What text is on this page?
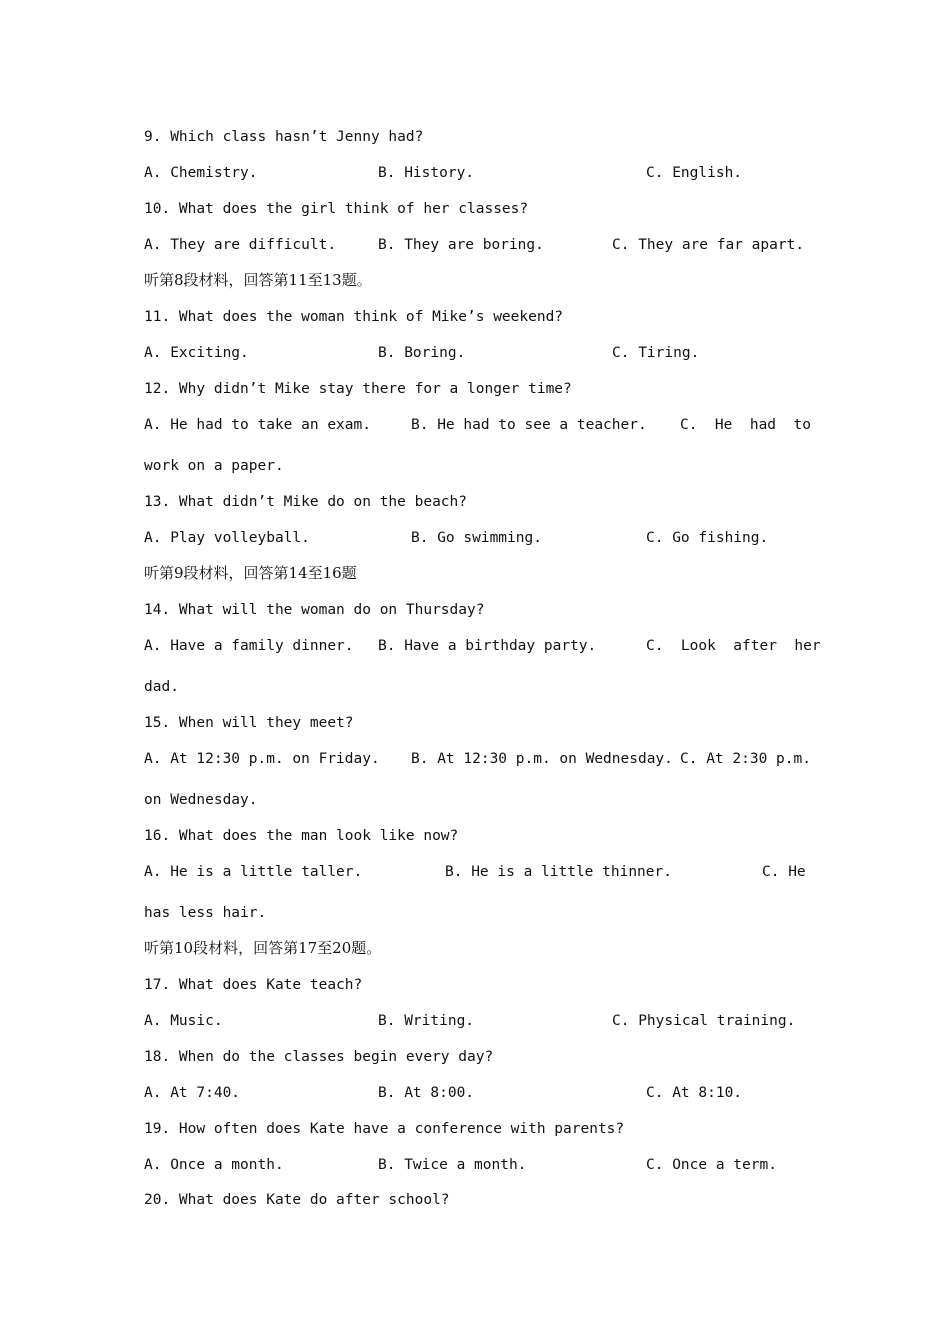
9. Which class hasn’t Jenny had?
A. Chemistry.	B. History.	C. English.
10. What does the girl think of her classes?
A. They are difficult.	B. They are boring.	C. They are far apart.
听第8段材料，回答第11至13题。
11. What does the woman think of Mike’s weekend?
A. Exciting.	B. Boring.	C. Tiring.
12. Why didn’t Mike stay there for a longer time?
A. He had to take an exam.	B. He had to see a teacher. C.  He  had  to
work on a paper.
13. What didn’t Mike do on the beach?
A. Play volleyball.	B. Go swimming.	C. Go fishing.
听第9段材料，回答第14至16题
14. What will the woman do on Thursday?
A. Have a family dinner. B. Have a birthday party.	C.  Look  after  her
dad.
15. When will they meet?
A. At 12:30 p.m. on Friday. B. At 12:30 p.m. on Wednesday. C. At 2:30 p.m.
on Wednesday.
16. What does the man look like now?
A. He is a little taller.	B. He is a little thinner.	C. He
has less hair.
听第10段材料，回答第17至20题。
17. What does Kate teach?
A. Music.	B. Writing.	C. Physical training.
18. When do the classes begin every day?
A. At 7:40.	B. At 8:00.	C. At 8:10.
19. How often does Kate have a conference with parents?
A. Once a month.	B. Twice a month.	C. Once a term.
20. What does Kate do after school?
